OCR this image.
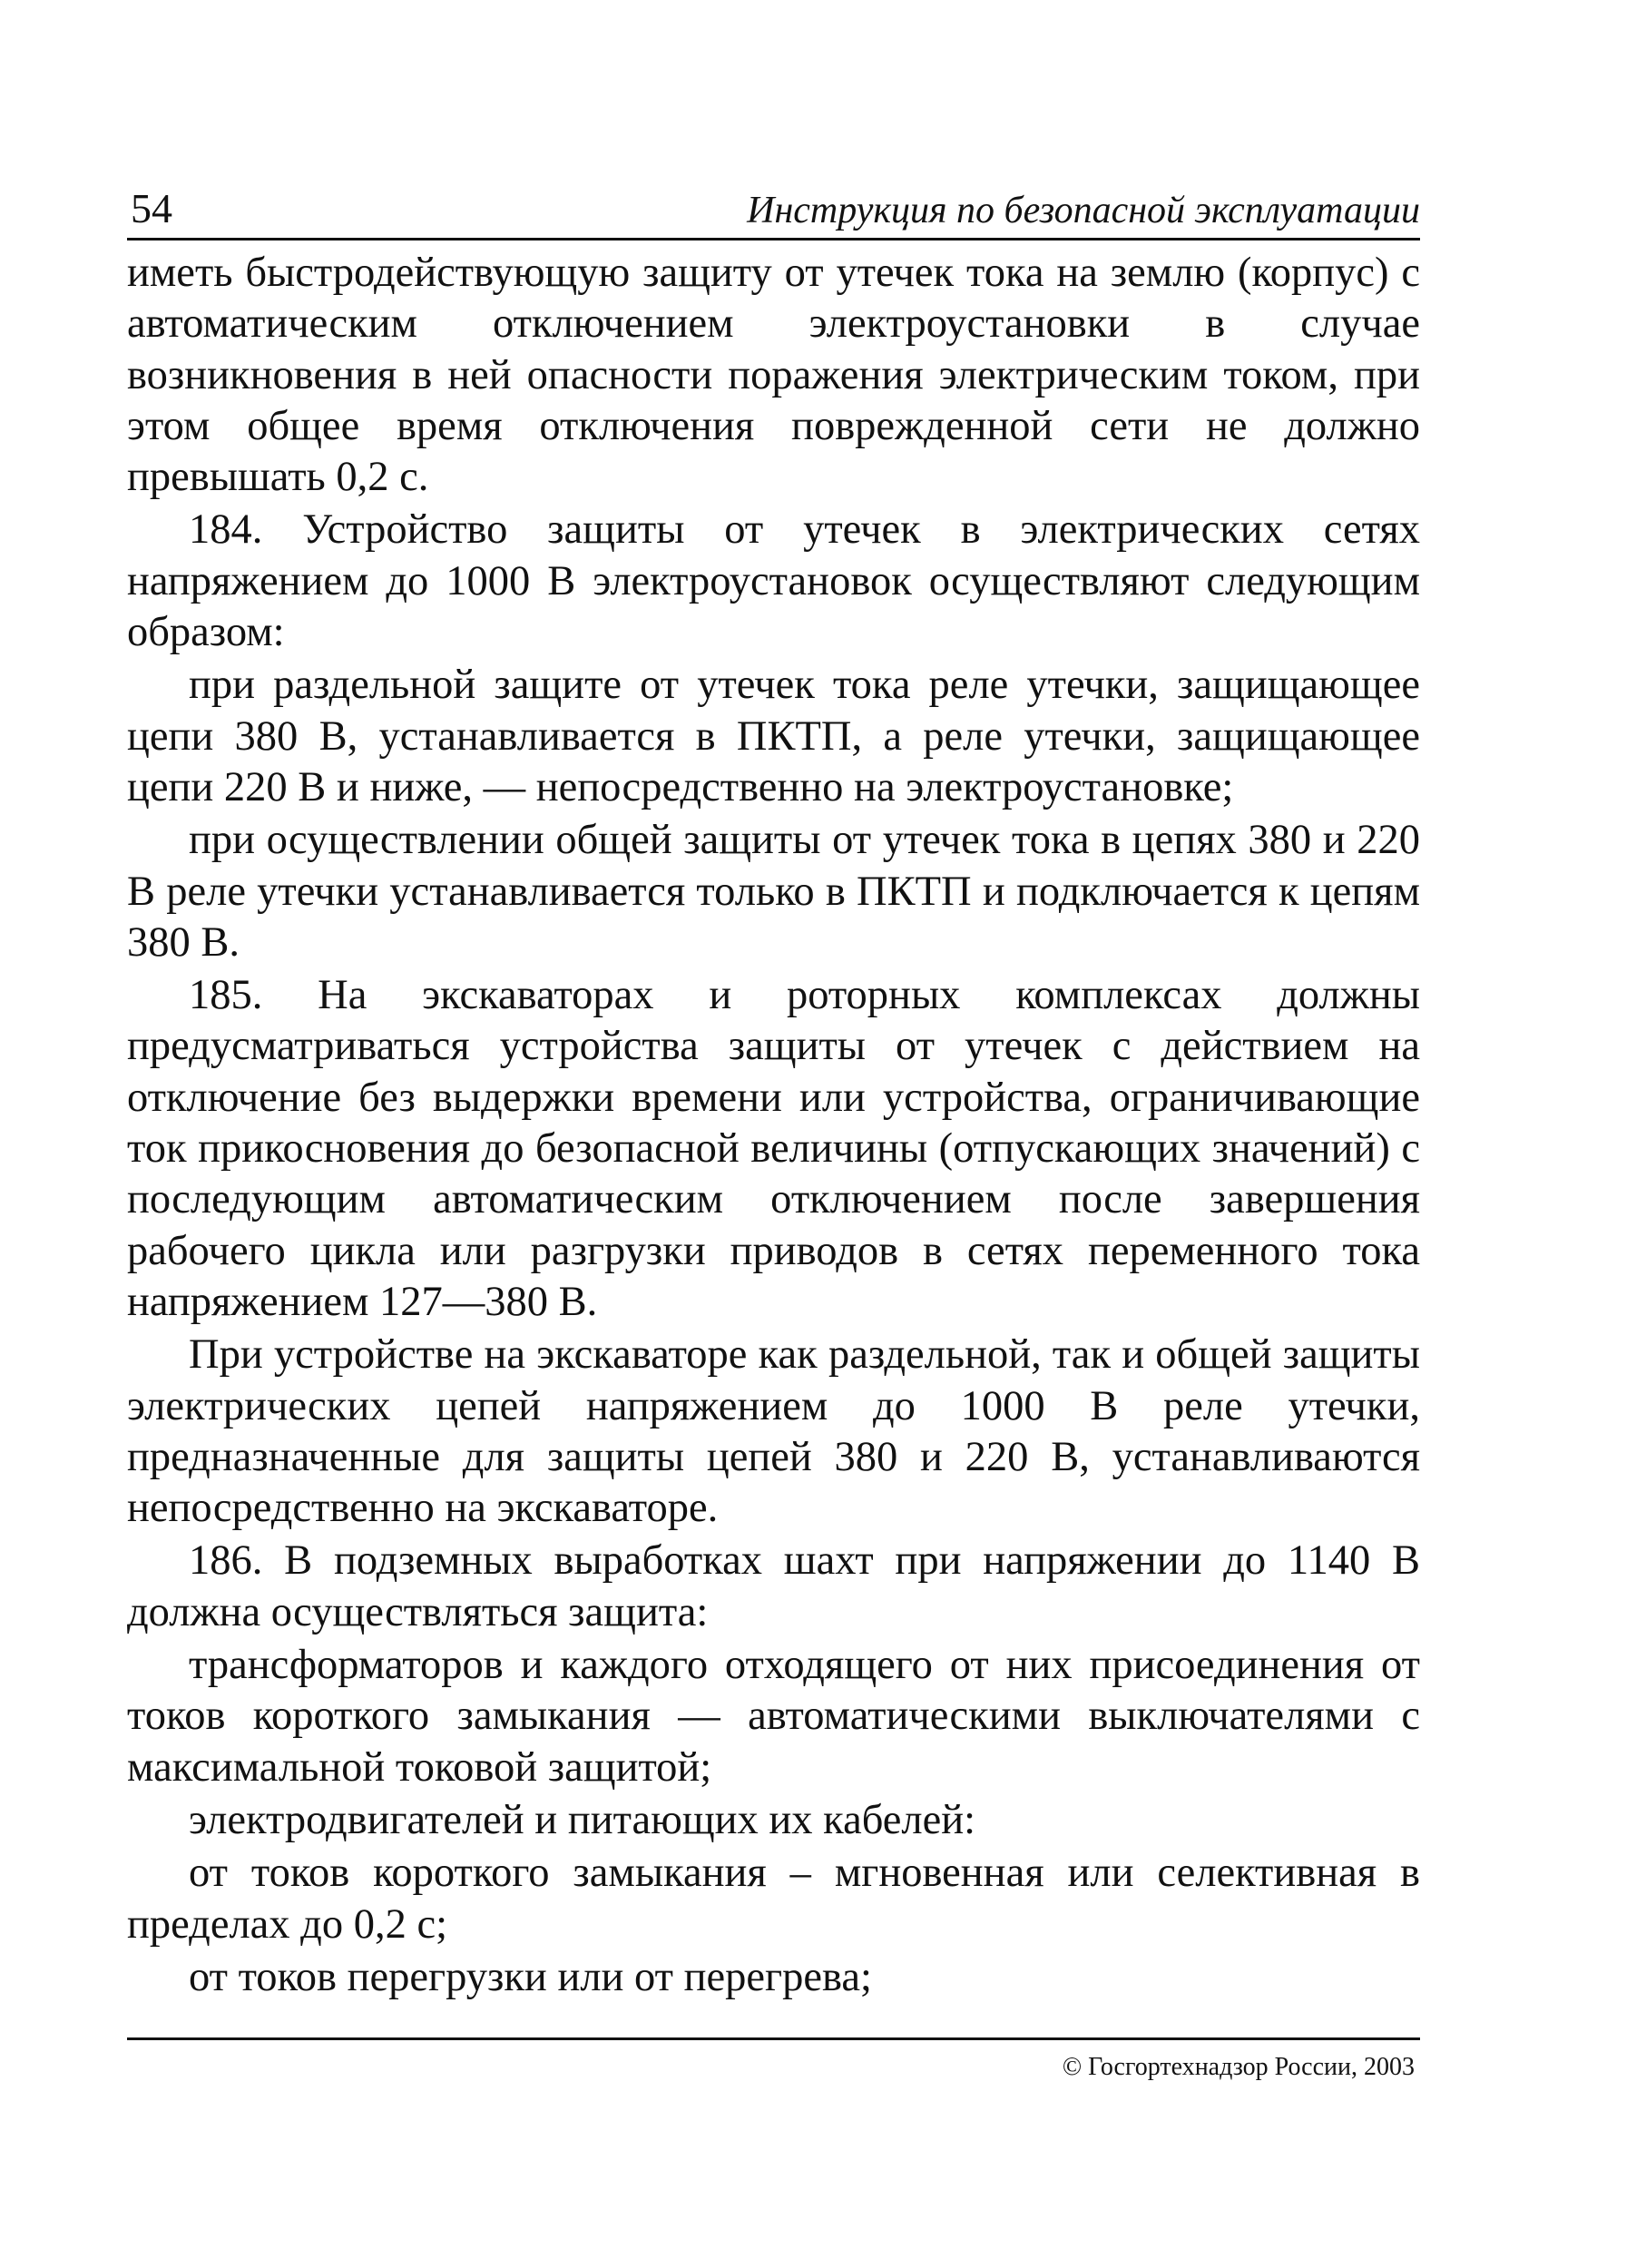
54	Инструкция по безопасной эксплуатации

иметь быстродействующую защиту от утечек тока на землю (корпус) с автоматическим отключением электроустановки в случае возникновения в ней опасности поражения электрическим током, при этом общее время отключения поврежденной сети не должно превышать 0,2 с.

184. Устройство защиты от утечек в электрических сетях напряжением до 1000 В электроустановок осуществляют следующим образом:

при раздельной защите от утечек тока реле утечки, защищающее цепи 380 В, устанавливается в ПКТП, а реле утечки, защищающее цепи 220 В и ниже, — непосредственно на электроустановке;

при осуществлении общей защиты от утечек тока в цепях 380 и 220 В реле утечки устанавливается только в ПКТП и подключается к цепям 380 В.

185. На экскаваторах и роторных комплексах должны предусматриваться устройства защиты от утечек с действием на отключение без выдержки времени или устройства, ограничивающие ток прикосновения до безопасной величины (отпускающих значений) с последующим автоматическим отключением после завершения рабочего цикла или разгрузки приводов в сетях переменного тока напряжением 127—380 В.

При устройстве на экскаваторе как раздельной, так и общей защиты электрических цепей напряжением до 1000 В реле утечки, предназначенные для защиты цепей 380 и 220 В, устанавливаются непосредственно на экскаваторе.

186. В подземных выработках шахт при напряжении до 1140 В должна осуществляться защита:

трансформаторов и каждого отходящего от них присоединения от токов короткого замыкания — автоматическими выключателями с максимальной токовой защитой;

электродвигателей и питающих их кабелей:

от токов короткого замыкания – мгновенная или селективная в пределах до 0,2 с;

от токов перегрузки или от перегрева;

© Госгортехнадзор России, 2003
